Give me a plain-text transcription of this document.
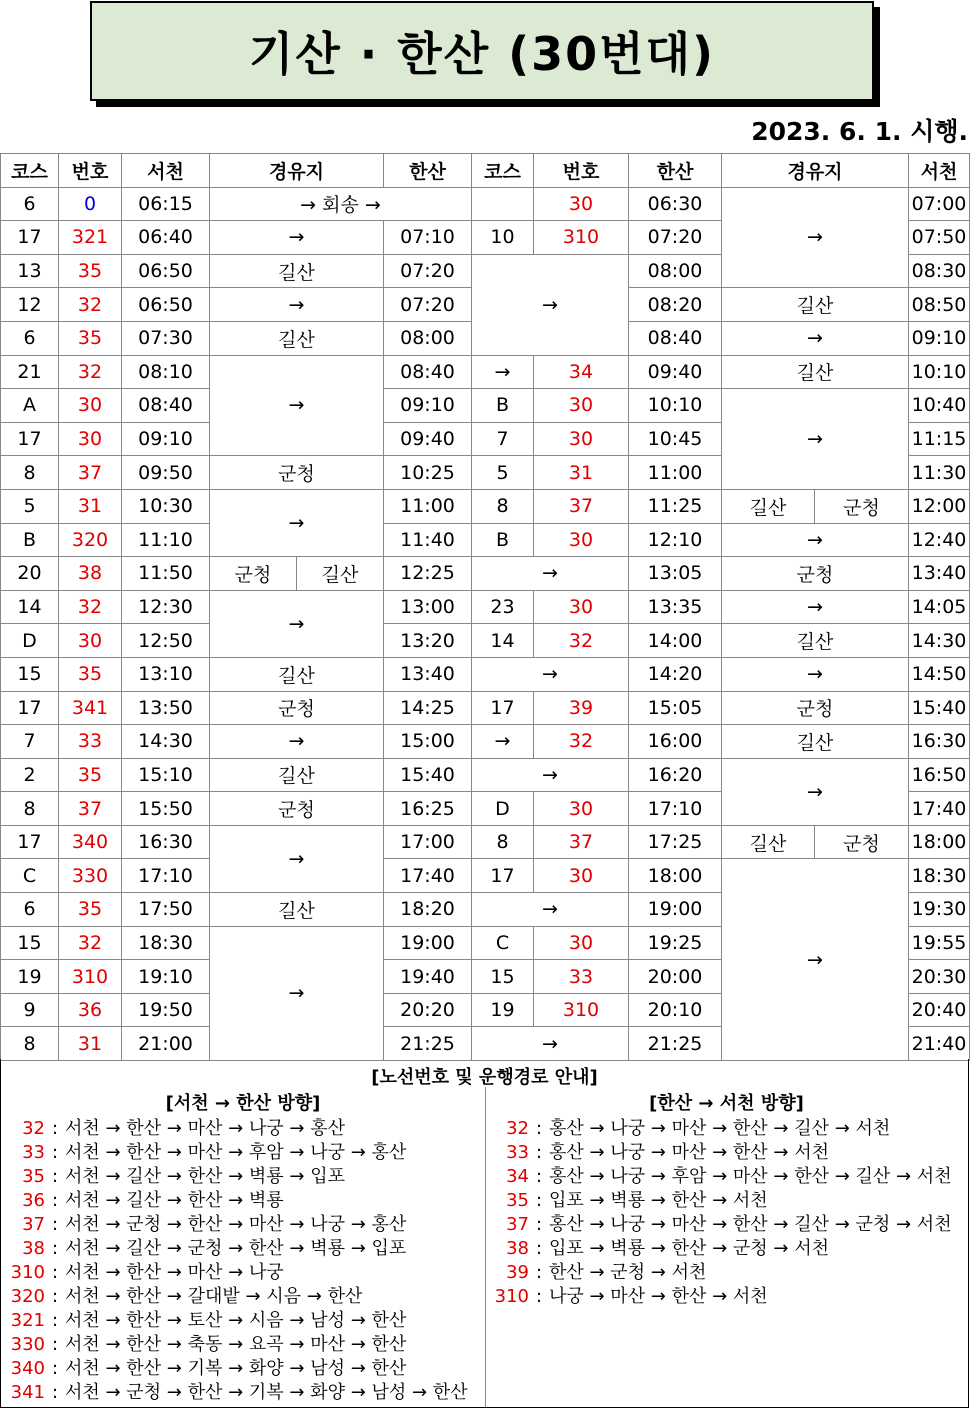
기산 · 한산 (30번대)
2023. 6. 1. 시행.
코스	번호	서천	경유지		한산	코스	번호	한산	경유지		서천
6	0	06:15	→ 회송 →				30	06:30	→		07:00
17	321	06:40	→		07:10	10	310	07:20			07:50
13	35	06:50	길산		07:20	→		08:00			08:30
12	32	06:50	→		07:20			08:20	길산		08:50
6	35	07:30	길산		08:00			08:40	→		09:10
21	32	08:10	→		08:40	→	34	09:40	길산		10:10
A	30	08:40			09:10	B	30	10:10	→		10:40
17	30	09:10			09:40	7	30	10:45			11:15
8	37	09:50	군청		10:25	5	31	11:00			11:30
5	31	10:30	→		11:00	8	37	11:25	길산	군청	12:00
B	320	11:10			11:40	B	30	12:10	→		12:40
20	38	11:50	군청	길산	12:25	→		13:05	군청		13:40
14	32	12:30	→		13:00	23	30	13:35	→		14:05
D	30	12:50			13:20	14	32	14:00	길산		14:30
15	35	13:10	길산		13:40	→		14:20	→		14:50
17	341	13:50	군청		14:25	17	39	15:05	군청		15:40
7	33	14:30	→		15:00	→	32	16:00	길산		16:30
2	35	15:10	길산		15:40	→		16:20	→		16:50
8	37	15:50	군청		16:25	D	30	17:10			17:40
17	340	16:30	→		17:00	8	37	17:25	길산	군청	18:00
C	330	17:10			17:40	17	30	18:00	→		18:30
6	35	17:50	길산		18:20	→		19:00			19:30
15	32	18:30	→		19:00	C	30	19:25			19:55
19	310	19:10			19:40	15	33	20:00			20:30
9	36	19:50			20:20	19	310	20:10			20:40
8	31	21:00			21:25	→		21:25			21:40
[노선번호 및 운행경로 안내]
[서천 → 한산 방향]	[한산 → 서천 방향]
32 : 서천 → 한산 → 마산 → 나궁 → 홍산
33 : 서천 → 한산 → 마산 → 후암 → 나궁 → 홍산
35 : 서천 → 길산 → 한산 → 벽룡 → 입포
36 : 서천 → 길산 → 한산 → 벽룡
37 : 서천 → 군청 → 한산 → 마산 → 나궁 → 홍산
38 : 서천 → 길산 → 군청 → 한산 → 벽룡 → 입포
310 : 서천 → 한산 → 마산 → 나궁
320 : 서천 → 한산 → 갈대밭 → 시음 → 한산
321 : 서천 → 한산 → 토산 → 시음 → 남성 → 한산
330 : 서천 → 한산 → 축동 → 요곡 → 마산 → 한산
340 : 서천 → 한산 → 기복 → 화양 → 남성 → 한산
341 : 서천 → 군청 → 한산 → 기복 → 화양 → 남성 → 한산
32 : 홍산 → 나궁 → 마산 → 한산 → 길산 → 서천
33 : 홍산 → 나궁 → 마산 → 한산 → 서천
34 : 홍산 → 나궁 → 후암 → 마산 → 한산 → 길산 → 서천
35 : 입포 → 벽룡 → 한산 → 서천
37 : 홍산 → 나궁 → 마산 → 한산 → 길산 → 군청 → 서천
38 : 입포 → 벽룡 → 한산 → 군청 → 서천
39 : 한산 → 군청 → 서천
310 : 나궁 → 마산 → 한산 → 서천
